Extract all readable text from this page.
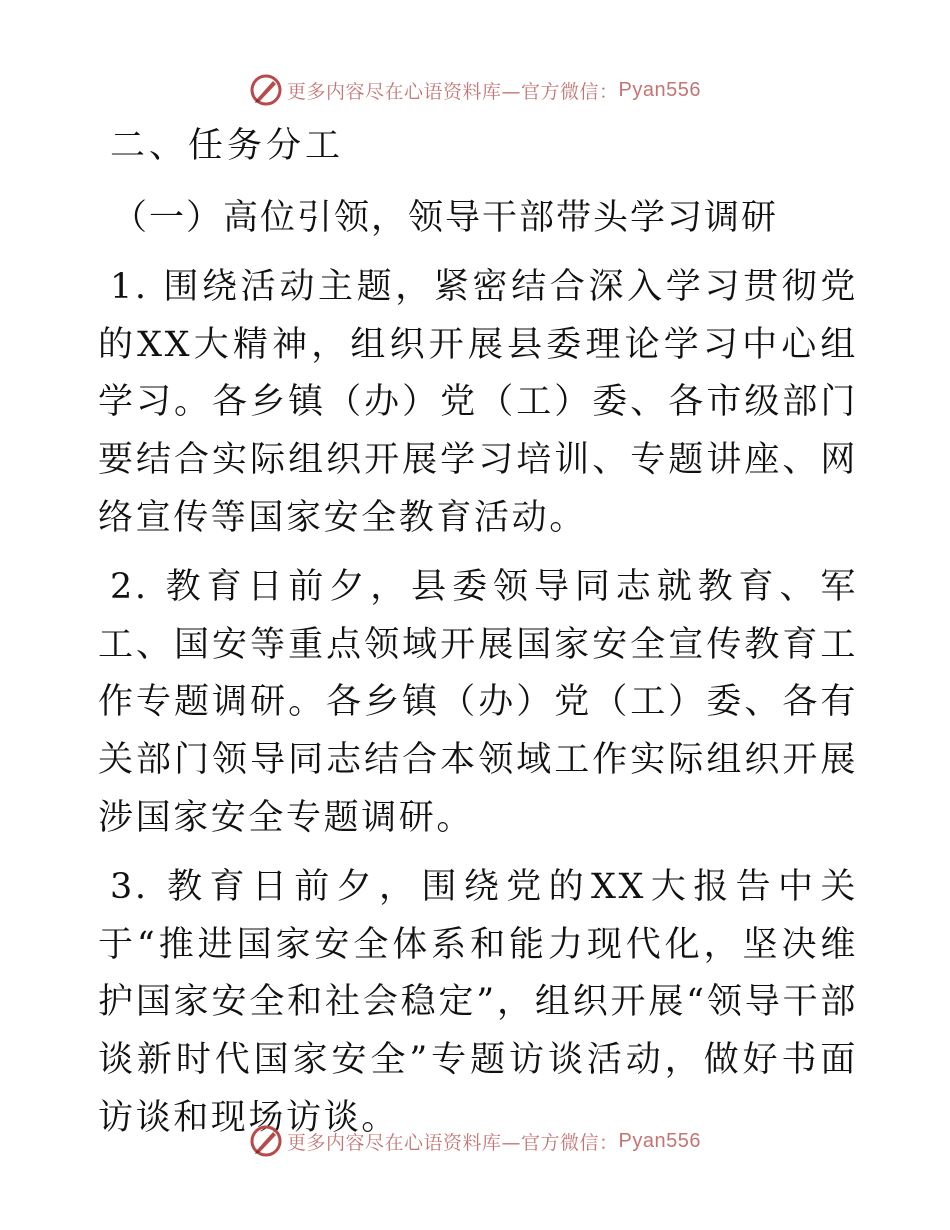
更多内容尽在心语资料库—官方微信： Pyan556
二、任务分工

（一）高位引领，领导干部带头学习调研

1. 围绕活动主题，紧密结合深入学习贯彻党的XX大精神，组织开展县委理论学习中心组学习。各乡镇（办）党（工）委、各市级部门要结合实际组织开展学习培训、专题讲座、网络宣传等国家安全教育活动。

2. 教育日前夕，县委领导同志就教育、军工、国安等重点领域开展国家安全宣传教育工作专题调研。各乡镇（办）党（工）委、各有关部门领导同志结合本领域工作实际组织开展涉国家安全专题调研。

3. 教育日前夕，围绕党的XX大报告中关于“推进国家安全体系和能力现代化，坚决维护国家安全和社会稳定”，组织开展“领导干部谈新时代国家安全”专题访谈活动，做好书面访谈和现场访谈。

更多内容尽在心语资料库—官方微信： Pyan556
